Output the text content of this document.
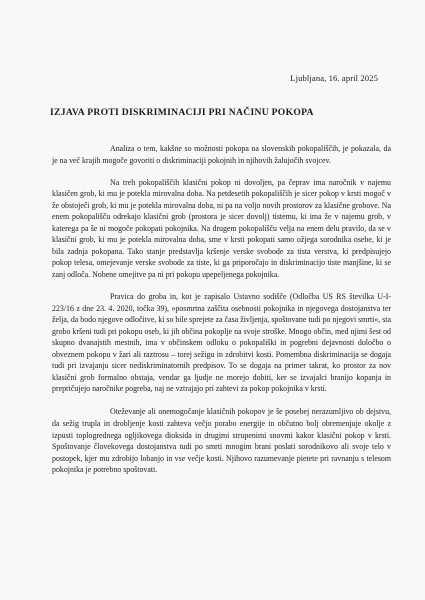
Ljubljana, 16. april 2025
IZJAVA PROTI DISKRIMINACIJI PRI NAČINU POKOPA

Analiza o tem, kakšne so možnosti pokopa na slovenskih pokopališčih, je pokazala, da je na več krajih mogoče govoriti o diskriminaciji pokojnih in njihovih žalujočih svojcev.

Na treh pokopališčih klasični pokop ni dovoljen, pa čeprav ima naročnik v najemu klasičen grob, ki mu je potekla mirovalna doba. Na petdesetih pokopališčih je sicer pokop v krsti mogoč v že obstoječi grob, ki mu je potekla mirovalna doba, ni pa na voljo novih prostorov za klasične grobove. Na enem pokopališču odrekajo klasični grob (prostora je sicer dovolj) tistemu, ki ima že v najemu grob, v katerega pa še ni mogoče pokopati pokojnika. Na drugem pokopališču velja na enem delu pravilo, da se v klasični grob, ki mu je potekla mirovalna doba, sme v krsti pokopati samo ožjega sorodnika osebe, ki je bila zadnja pokopana. Tako stanje predstavlja kršenje verske svobode za tista verstva, ki predpisujejo pokop telesa, omejevanje verske svobode za tiste, ki ga priporočajo in diskriminacijo tiste manjšine, ki se zanj odloča. Nobene omejitve pa ni pri pokopu upepeljenega pokojnika.

Pravica do groba in, kot je zapisalo Ustavno sodišče (Odločba US RS številka U-I-223/16 z dne 23. 4. 2020, točka 39), »posmrtna zaščita osebnosti pokojnika in njegovega dostojanstva ter želja, da bodo njegove odločitve, ki so bile sprejete za časa življenja, spoštovane tudi po njegovi smrti«, sta grobo kršeni tudi pri pokopu oseb, ki jih občina pokoplje na svoje stroške. Mnogo občin, med njimi šest od skupno dvanajstih mestnih, ima v občinskem odloku o pokopališki in pogrebni dejavnosti določbo o obveznem pokopu v žari ali raztrosu – torej sežigu in zdrobitvi kosti. Pomembna diskriminacija se dogaja tudi pri izvajanju sicer nediskriminatornih predpisov. To se dogaja na primer takrat, ko prostor za nov klasični grob formalno obstaja, vendar ga ljudje ne morejo dobiti, ker se izvajalci branijo kopanja in prepričujejo naročnike pogreba, naj ne vztrajajo pri zahtevi za pokop pokojnika v krsti.

Oteževanje ali onemogočanje klasičnih pokopov je še posebej nerazumljivo ob dejstvu, da sežig trupla in drobljenje kosti zahteva večjo porabo energije in občutno bolj obremenjuje okolje z izpusti toplogrednega ogljikovega dioksida in drugimi strupenimi snovmi kakor klasični pokop v krsti. Spoštovanje človekovega dostojanstva tudi po smrti mnogim brani poslati sorodnikovo ali svoje telo v postopek, kjer mu zdrobijo lobanjo in vse večje kosti. Njihovo razumevanje pietete pri ravnanju s telesom pokojnika je potrebno spoštovati.
